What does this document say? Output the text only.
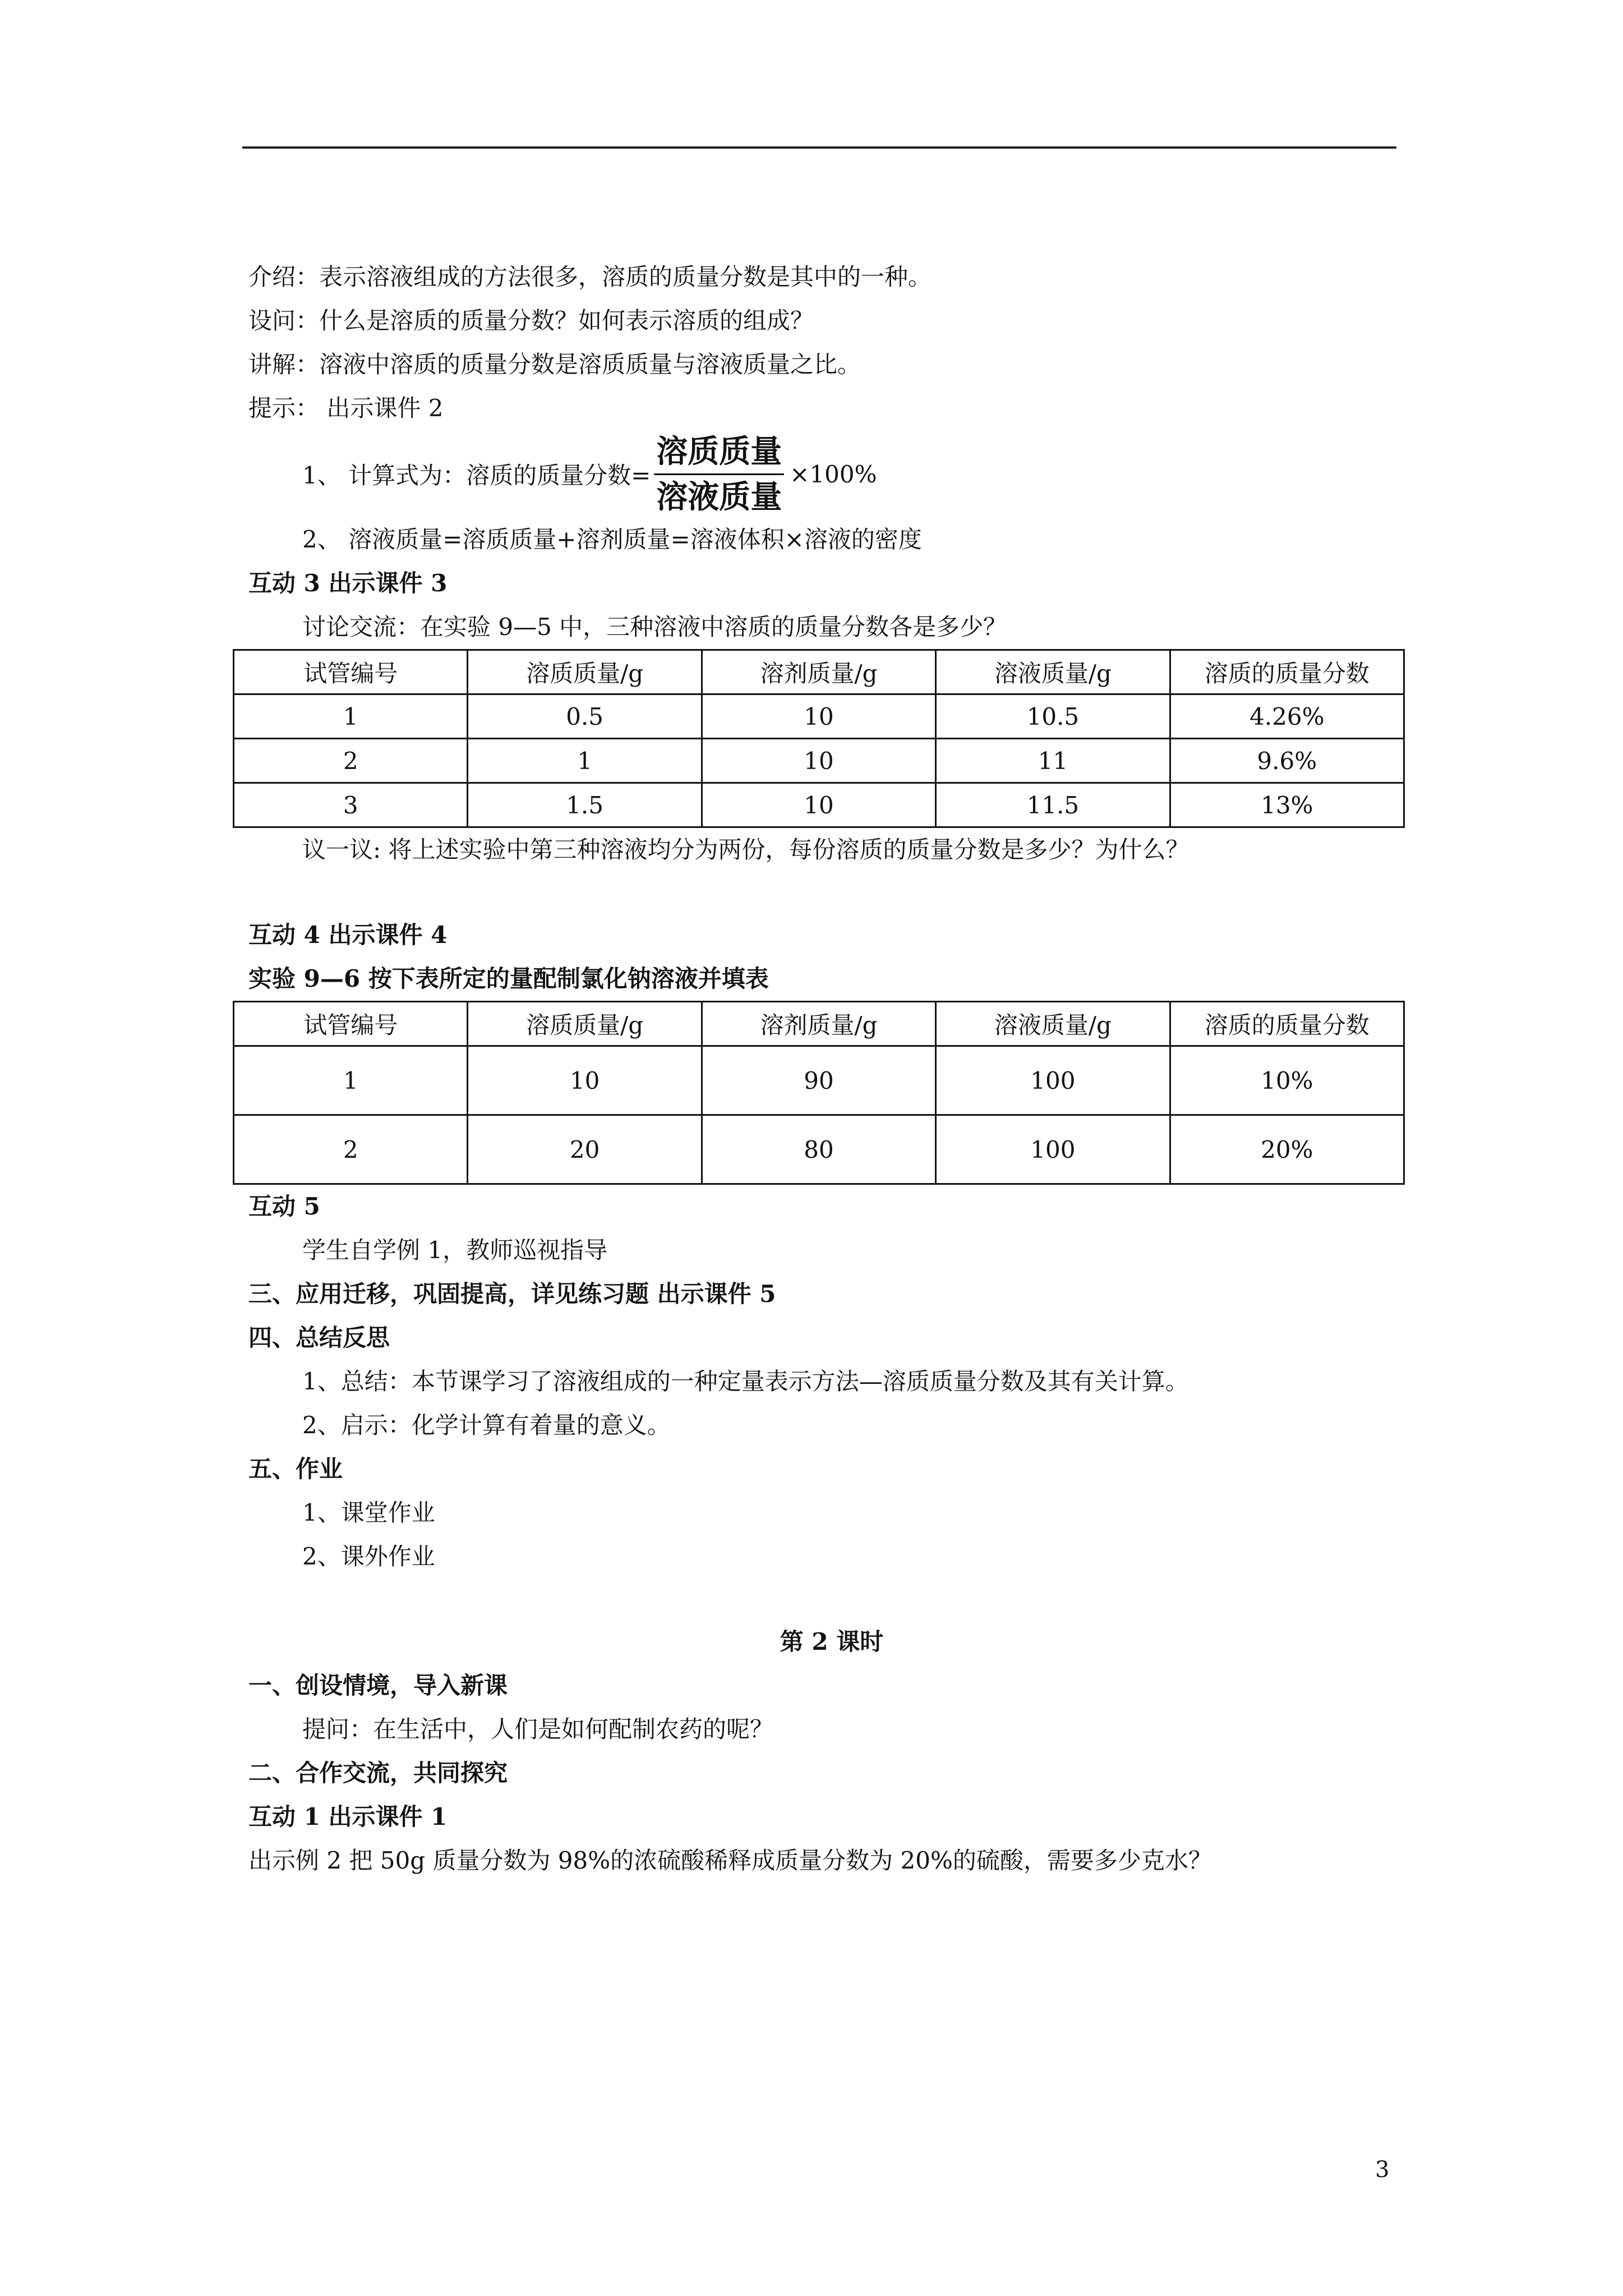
介绍：表示溶液组成的方法很多，溶质的质量分数是其中的一种。
设问：什么是溶质的质量分数？如何表示溶质的组成？
讲解：溶液中溶质的质量分数是溶质质量与溶液质量之比。
提示： 出示课件 2
1、 计算式为：溶质的质量分数= $\frac{\text{溶质质量}}{\text{溶液质量}} \times 100\%$
2、 溶液质量=溶质质量+溶剂质量=溶液体积×溶液的密度
互动 3 出示课件 3
讨论交流：在实验 9—5 中，三种溶液中溶质的质量分数各是多少？
试管编号	溶质质量/g	溶剂质量/g	溶液质量/g	溶质的质量分数
1	0.5	10	10.5	4.26%
2	1	10	11	9.6%
3	1.5	10	11.5	13%
议一议: 将上述实验中第三种溶液均分为两份，每份溶质的质量分数是多少？为什么？
互动 4 出示课件 4
实验 9—6 按下表所定的量配制氯化钠溶液并填表
试管编号	溶质质量/g	溶剂质量/g	溶液质量/g	溶质的质量分数
1	10	90	100	10%
2	20	80	100	20%
互动 5
学生自学例 1，教师巡视指导
三、应用迁移，巩固提高，详见练习题 出示课件 5
四、总结反思
1、总结：本节课学习了溶液组成的一种定量表示方法—溶质质量分数及其有关计算。
2、启示：化学计算有着量的意义。
五、作业
1、课堂作业
2、课外作业
第 2 课时
一、创设情境，导入新课
提问：在生活中，人们是如何配制农药的呢？
二、合作交流，共同探究
互动 1 出示课件 1
出示例 2 把 50g 质量分数为 98%的浓硫酸稀释成质量分数为 20%的硫酸，需要多少克水？
3
